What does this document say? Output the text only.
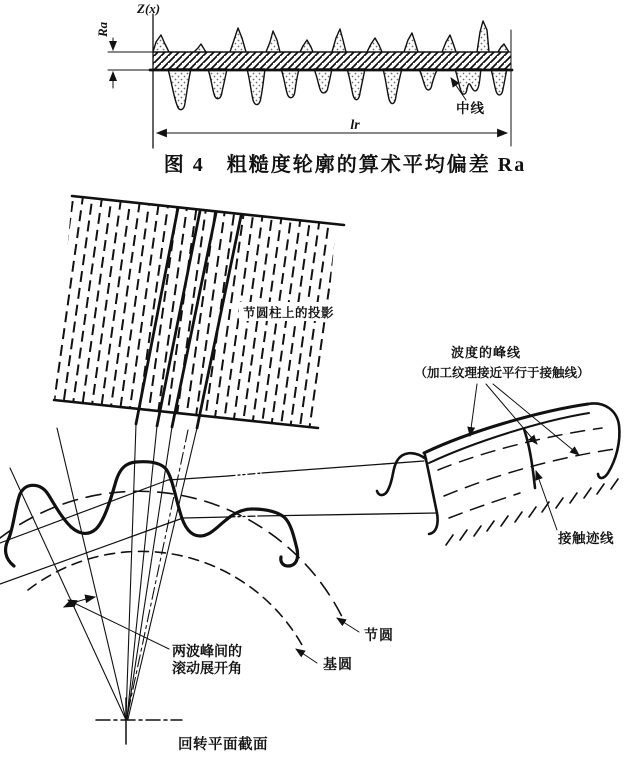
Z(x)
Ra
中线
lr
图 4　粗糙度轮廓的算术平均偏差 Ra
节圆柱上的投影
波度的峰线
（加工纹理接近平行于接触线）
接触迹线
节圆
基圆
两波峰间的
滚动展开角
回转平面截面
